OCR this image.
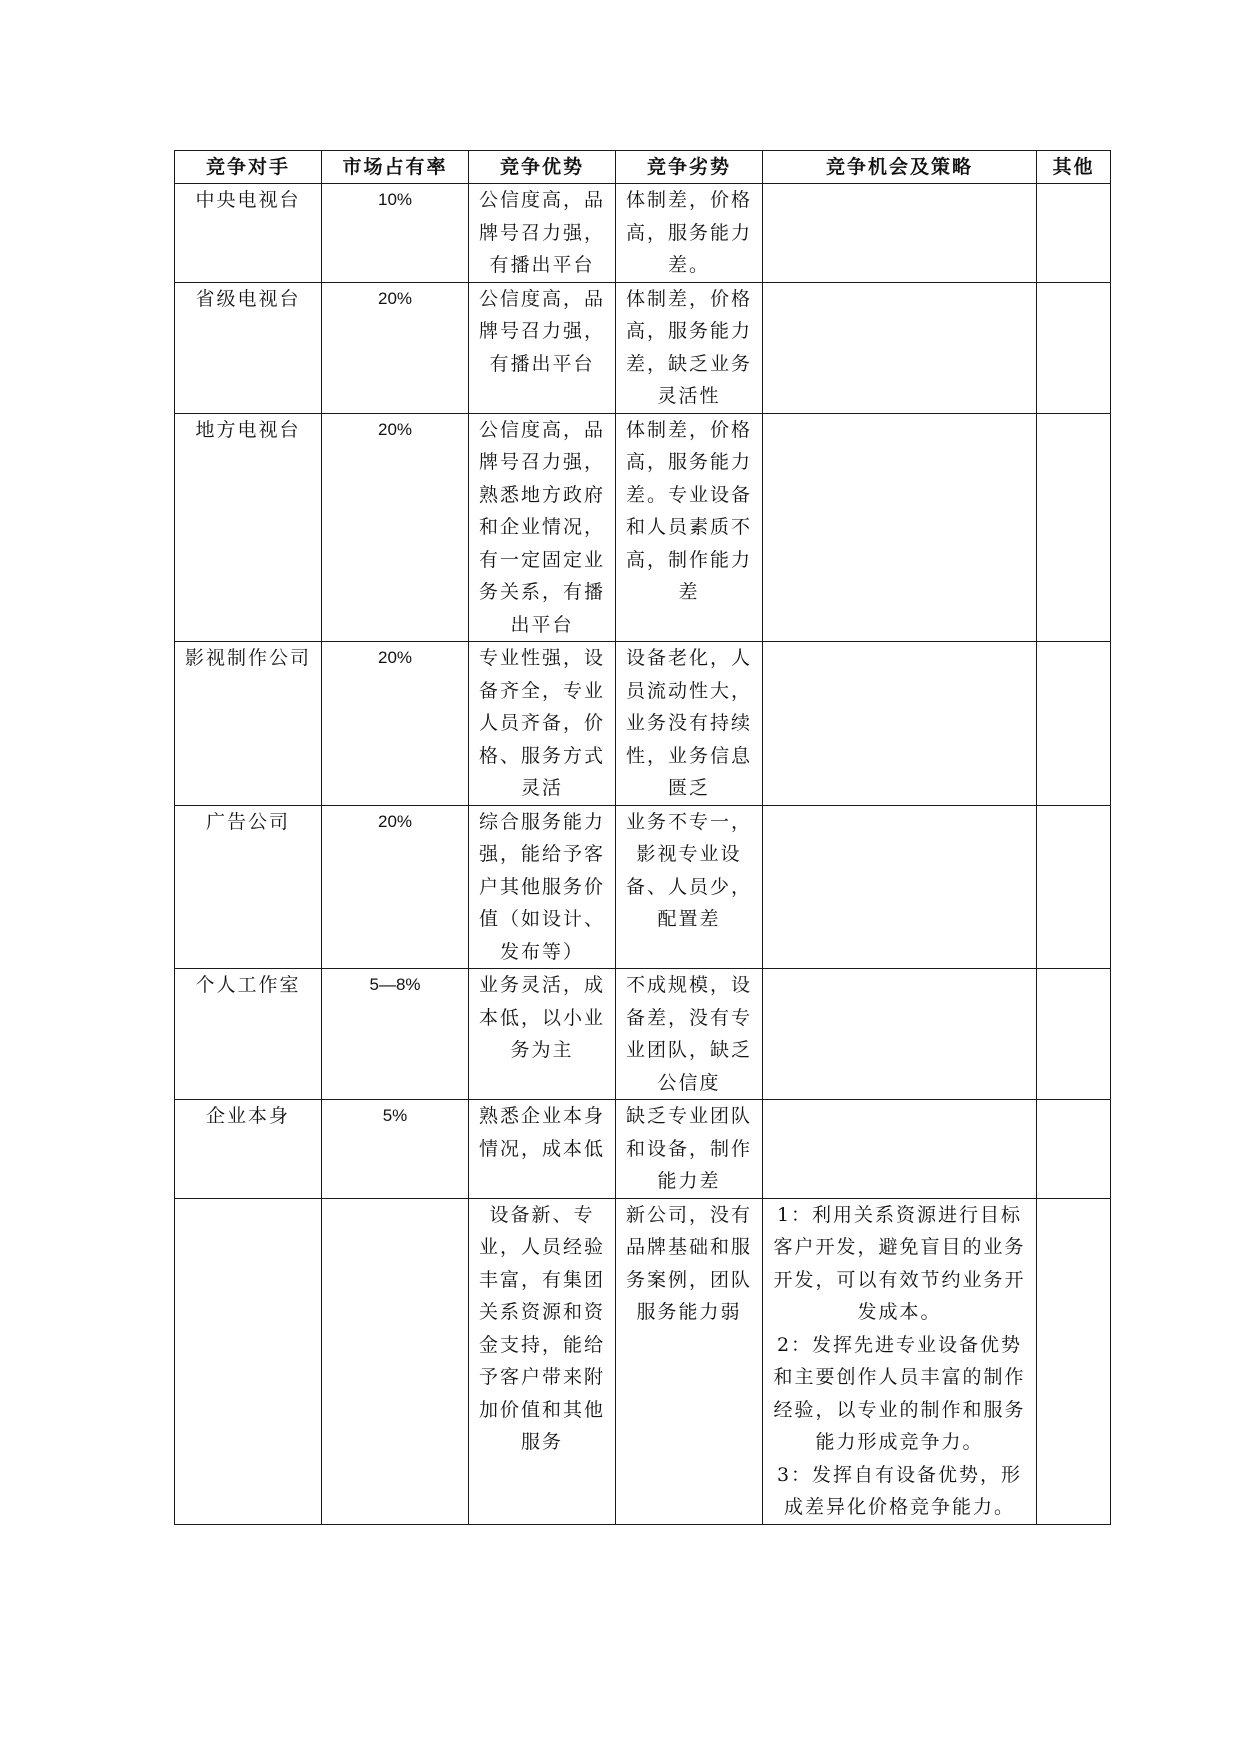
竞争对手	市场占有率	竞争优势	竞争劣势	竞争机会及策略	其他
中央电视台	10%	公信度高，品牌号召力强，有播出平台	体制差，价格高，服务能力差。		
省级电视台	20%	公信度高，品牌号召力强，有播出平台	体制差，价格高，服务能力差，缺乏业务灵活性		
地方电视台	20%	公信度高，品牌号召力强，熟悉地方政府和企业情况，有一定固定业务关系，有播出平台	体制差，价格高，服务能力差。专业设备和人员素质不高，制作能力差		
影视制作公司	20%	专业性强，设备齐全，专业人员齐备，价格、服务方式灵活	设备老化，人员流动性大，业务没有持续性，业务信息匮乏		
广告公司	20%	综合服务能力强，能给予客户其他服务价值（如设计、发布等）	业务不专一，影视专业设备、人员少，配置差		
个人工作室	5—8%	业务灵活，成本低，以小业务为主	不成规模，设备差，没有专业团队，缺乏公信度		
企业本身	5%	熟悉企业本身情况，成本低	缺乏专业团队和设备，制作能力差		
		设备新、专业，人员经验丰富，有集团关系资源和资金支持，能给予客户带来附加价值和其他服务	新公司，没有品牌基础和服务案例，团队服务能力弱	1：利用关系资源进行目标客户开发，避免盲目的业务开发，可以有效节约业务开发成本。
2：发挥先进专业设备优势和主要创作人员丰富的制作经验，以专业的制作和服务能力形成竞争力。
3：发挥自有设备优势，形成差异化价格竞争能力。	
